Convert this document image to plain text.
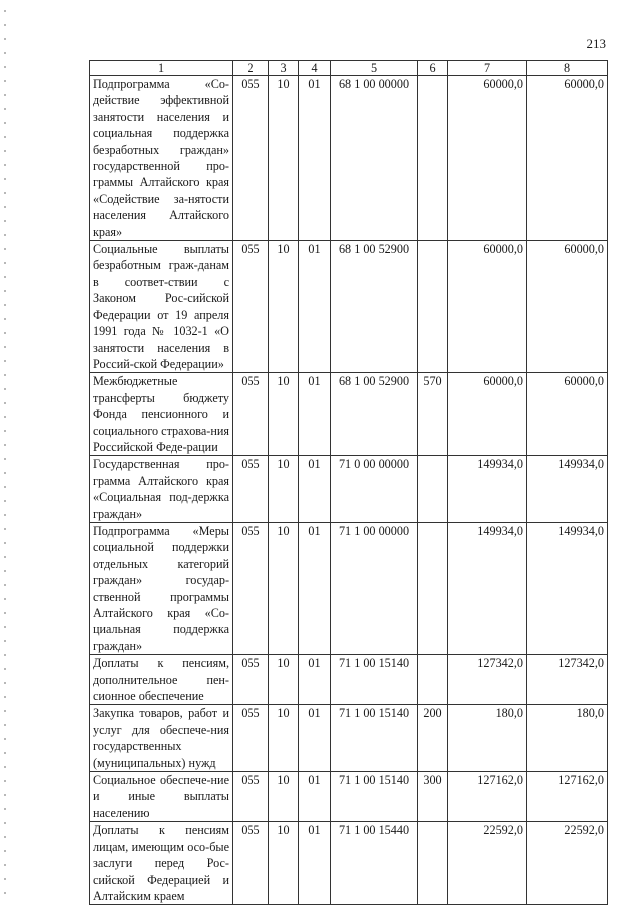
213
1	2	3	4	5	6	7	8
Подпрограмма «Со-действие эффективной занятости населения и социальная поддержка безработных граждан» государственной про-граммы Алтайского края «Содействие за-нятости населения Алтайского края»	055	10	01	68 1 00 00000		60000,0	60000,0
Социальные выплаты безработным граж-данам в соответ-ствии с Законом Рос-сийской Федерации от 19 апреля 1991 года № 1032-1 «О занятости населения в Россий-ской Федерации»	055	10	01	68 1 00 52900		60000,0	60000,0
Межбюджетные трансферты бюджету Фонда пенсионного и социального страхова-ния Российской Феде-рации	055	10	01	68 1 00 52900	570	60000,0	60000,0
Государственная про-грамма Алтайского края «Социальная под-держка граждан»	055	10	01	71 0 00 00000		149934,0	149934,0
Подпрограмма «Меры социальной поддержки отдельных категорий граждан» государ-ственной программы Алтайского края «Со-циальная поддержка граждан»	055	10	01	71 1 00 00000		149934,0	149934,0
Доплаты к пенсиям, дополнительное пен-сионное обеспечение	055	10	01	71 1 00 15140		127342,0	127342,0
Закупка товаров, работ и услуг для обеспече-ния государственных (муниципальных) нужд	055	10	01	71 1 00 15140	200	180,0	180,0
Социальное обеспече-ние и иные выплаты населению	055	10	01	71 1 00 15140	300	127162,0	127162,0
Доплаты к пенсиям лицам, имеющим осо-бые заслуги перед Рос-сийской Федерацией и Алтайским краем	055	10	01	71 1 00 15440		22592,0	22592,0
